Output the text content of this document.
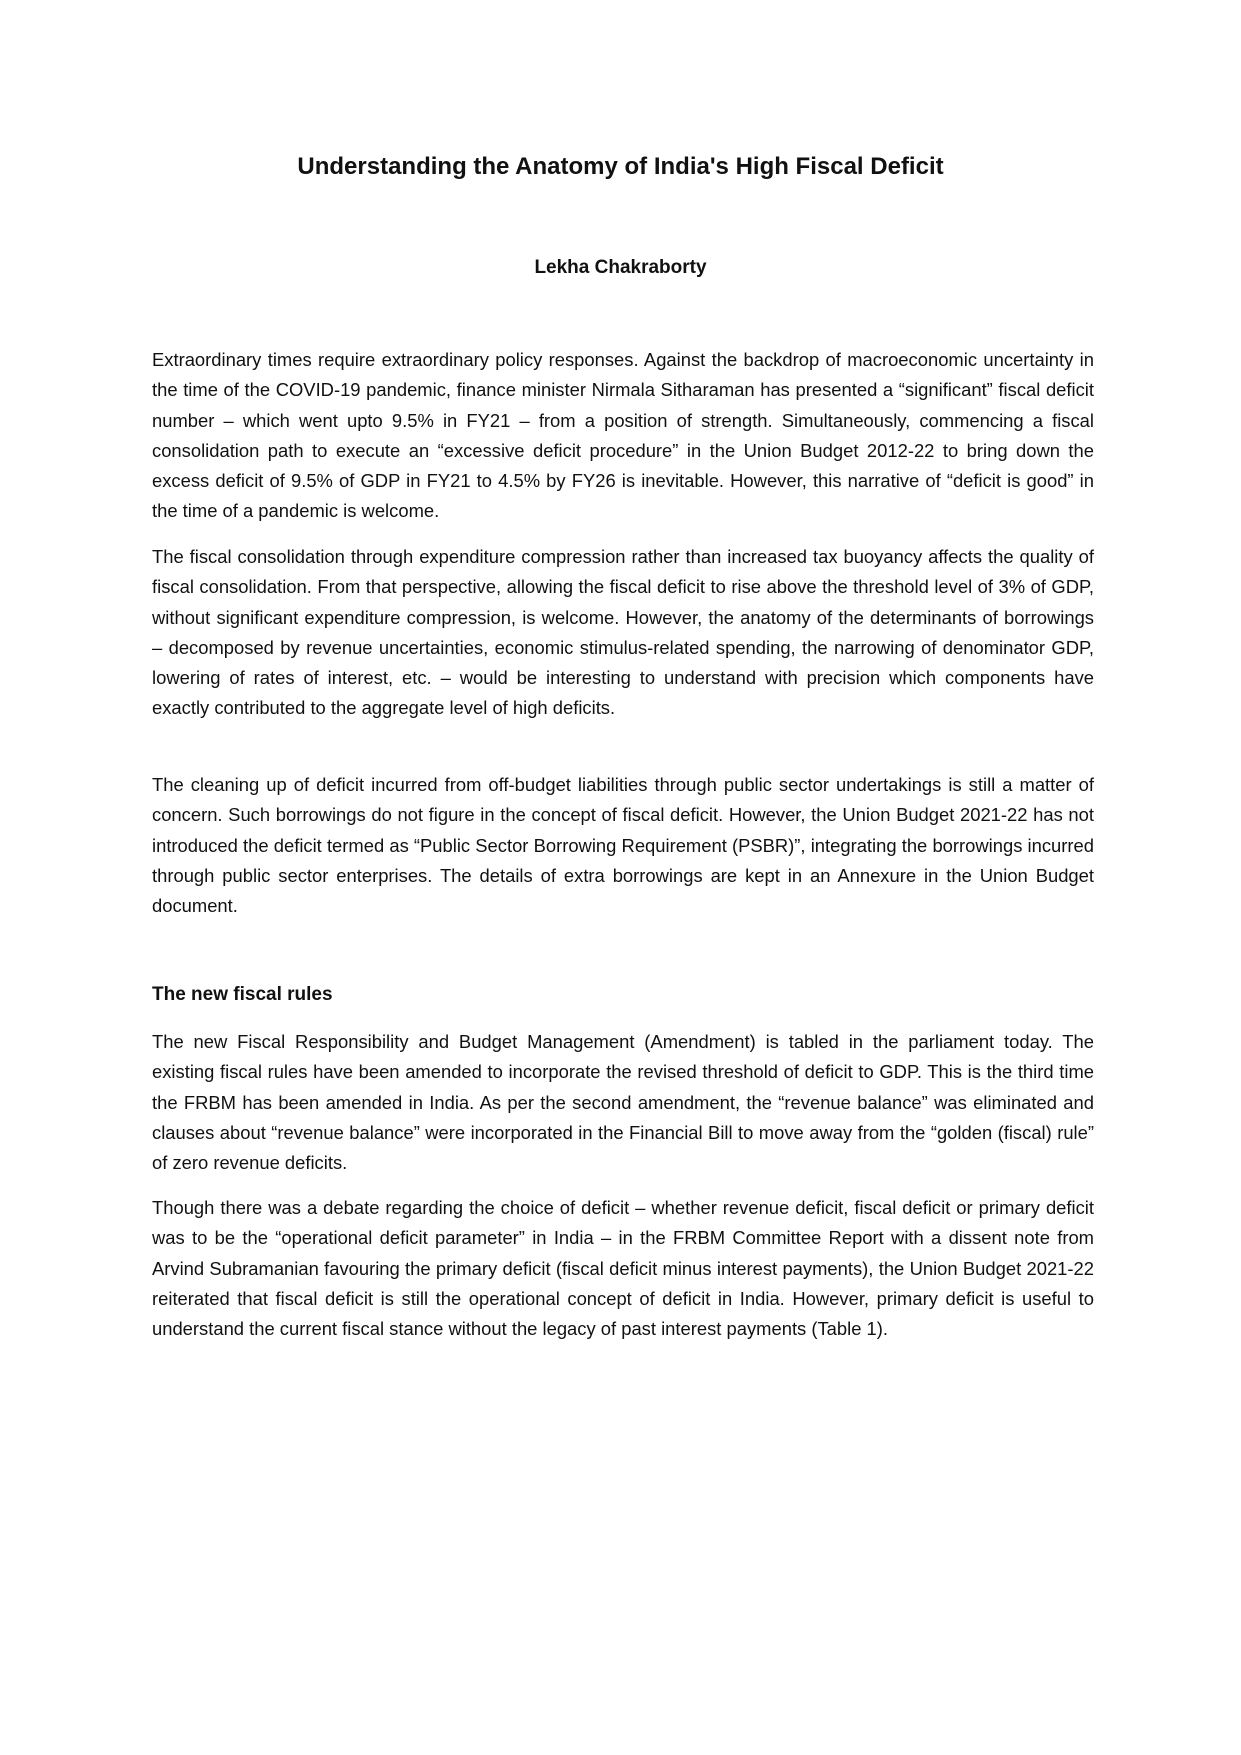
Understanding the Anatomy of India's High Fiscal Deficit

Lekha Chakraborty

Extraordinary times require extraordinary policy responses. Against the backdrop of macroeconomic uncertainty in the time of the COVID-19 pandemic, finance minister Nirmala Sitharaman has presented a “significant” fiscal deficit number – which went upto 9.5% in FY21 – from a position of strength. Simultaneously, commencing a fiscal consolidation path to execute an “excessive deficit procedure” in the Union Budget 2012-22 to bring down the excess deficit of 9.5% of GDP in FY21 to 4.5% by FY26 is inevitable. However, this narrative of “deficit is good” in the time of a pandemic is welcome.

The fiscal consolidation through expenditure compression rather than increased tax buoyancy affects the quality of fiscal consolidation. From that perspective, allowing the fiscal deficit to rise above the threshold level of 3% of GDP, without significant expenditure compression, is welcome. However, the anatomy of the determinants of borrowings – decomposed by revenue uncertainties, economic stimulus-related spending, the narrowing of denominator GDP, lowering of rates of interest, etc. – would be interesting to understand with precision which components have exactly contributed to the aggregate level of high deficits.

The cleaning up of deficit incurred from off-budget liabilities through public sector undertakings is still a matter of concern. Such borrowings do not figure in the concept of fiscal deficit. However, the Union Budget 2021-22 has not introduced the deficit termed as “Public Sector Borrowing Requirement (PSBR)”, integrating the borrowings incurred through public sector enterprises. The details of extra borrowings are kept in an Annexure in the Union Budget document.

The new fiscal rules

The new Fiscal Responsibility and Budget Management (Amendment) is tabled in the parliament today. The existing fiscal rules have been amended to incorporate the revised threshold of deficit to GDP. This is the third time the FRBM has been amended in India. As per the second amendment, the “revenue balance” was eliminated and clauses about “revenue balance” were incorporated in the Financial Bill to move away from the “golden (fiscal) rule” of zero revenue deficits.

Though there was a debate regarding the choice of deficit – whether revenue deficit, fiscal deficit or primary deficit was to be the “operational deficit parameter” in India – in the FRBM Committee Report with a dissent note from Arvind Subramanian favouring the primary deficit (fiscal deficit minus interest payments), the Union Budget 2021-22 reiterated that fiscal deficit is still the operational concept of deficit in India. However, primary deficit is useful to understand the current fiscal stance without the legacy of past interest payments (Table 1).
